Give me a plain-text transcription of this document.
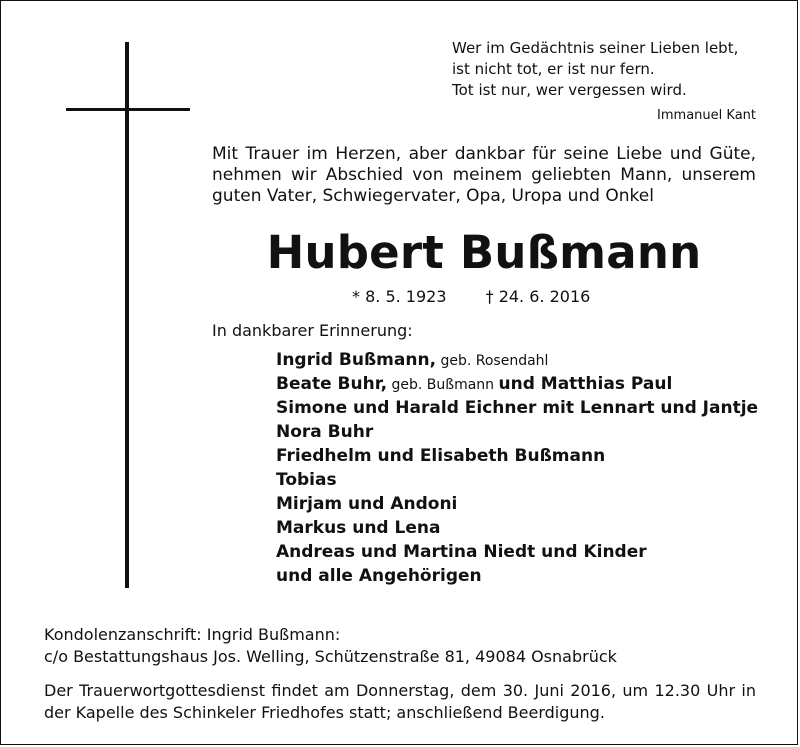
Wer im Gedächtnis seiner Lieben lebt,
ist nicht tot, er ist nur fern.
Tot ist nur, wer vergessen wird.
Immanuel Kant
Mit Trauer im Herzen, aber dankbar für seine Liebe und Güte,
nehmen wir Abschied von meinem geliebten Mann, unserem
guten Vater, Schwiegervater, Opa, Uropa und Onkel
Hubert Bußmann
* 8. 5. 1923 † 24. 6. 2016
In dankbarer Erinnerung:
Ingrid Bußmann, geb. Rosendahl
Beate Buhr, geb. Bußmann und Matthias Paul
Simone und Harald Eichner mit Lennart und Jantje
Nora Buhr
Friedhelm und Elisabeth Bußmann
Tobias
Mirjam und Andoni
Markus und Lena
Andreas und Martina Niedt und Kinder
und alle Angehörigen
Kondolenzanschrift: Ingrid Bußmann:
c/o Bestattungshaus Jos. Welling, Schützenstraße 81, 49084 Osnabrück
Der Trauerwortgottesdienst findet am Donnerstag, dem 30. Juni 2016, um 12.30 Uhr in
der Kapelle des Schinkeler Friedhofes statt; anschließend Beerdigung.
